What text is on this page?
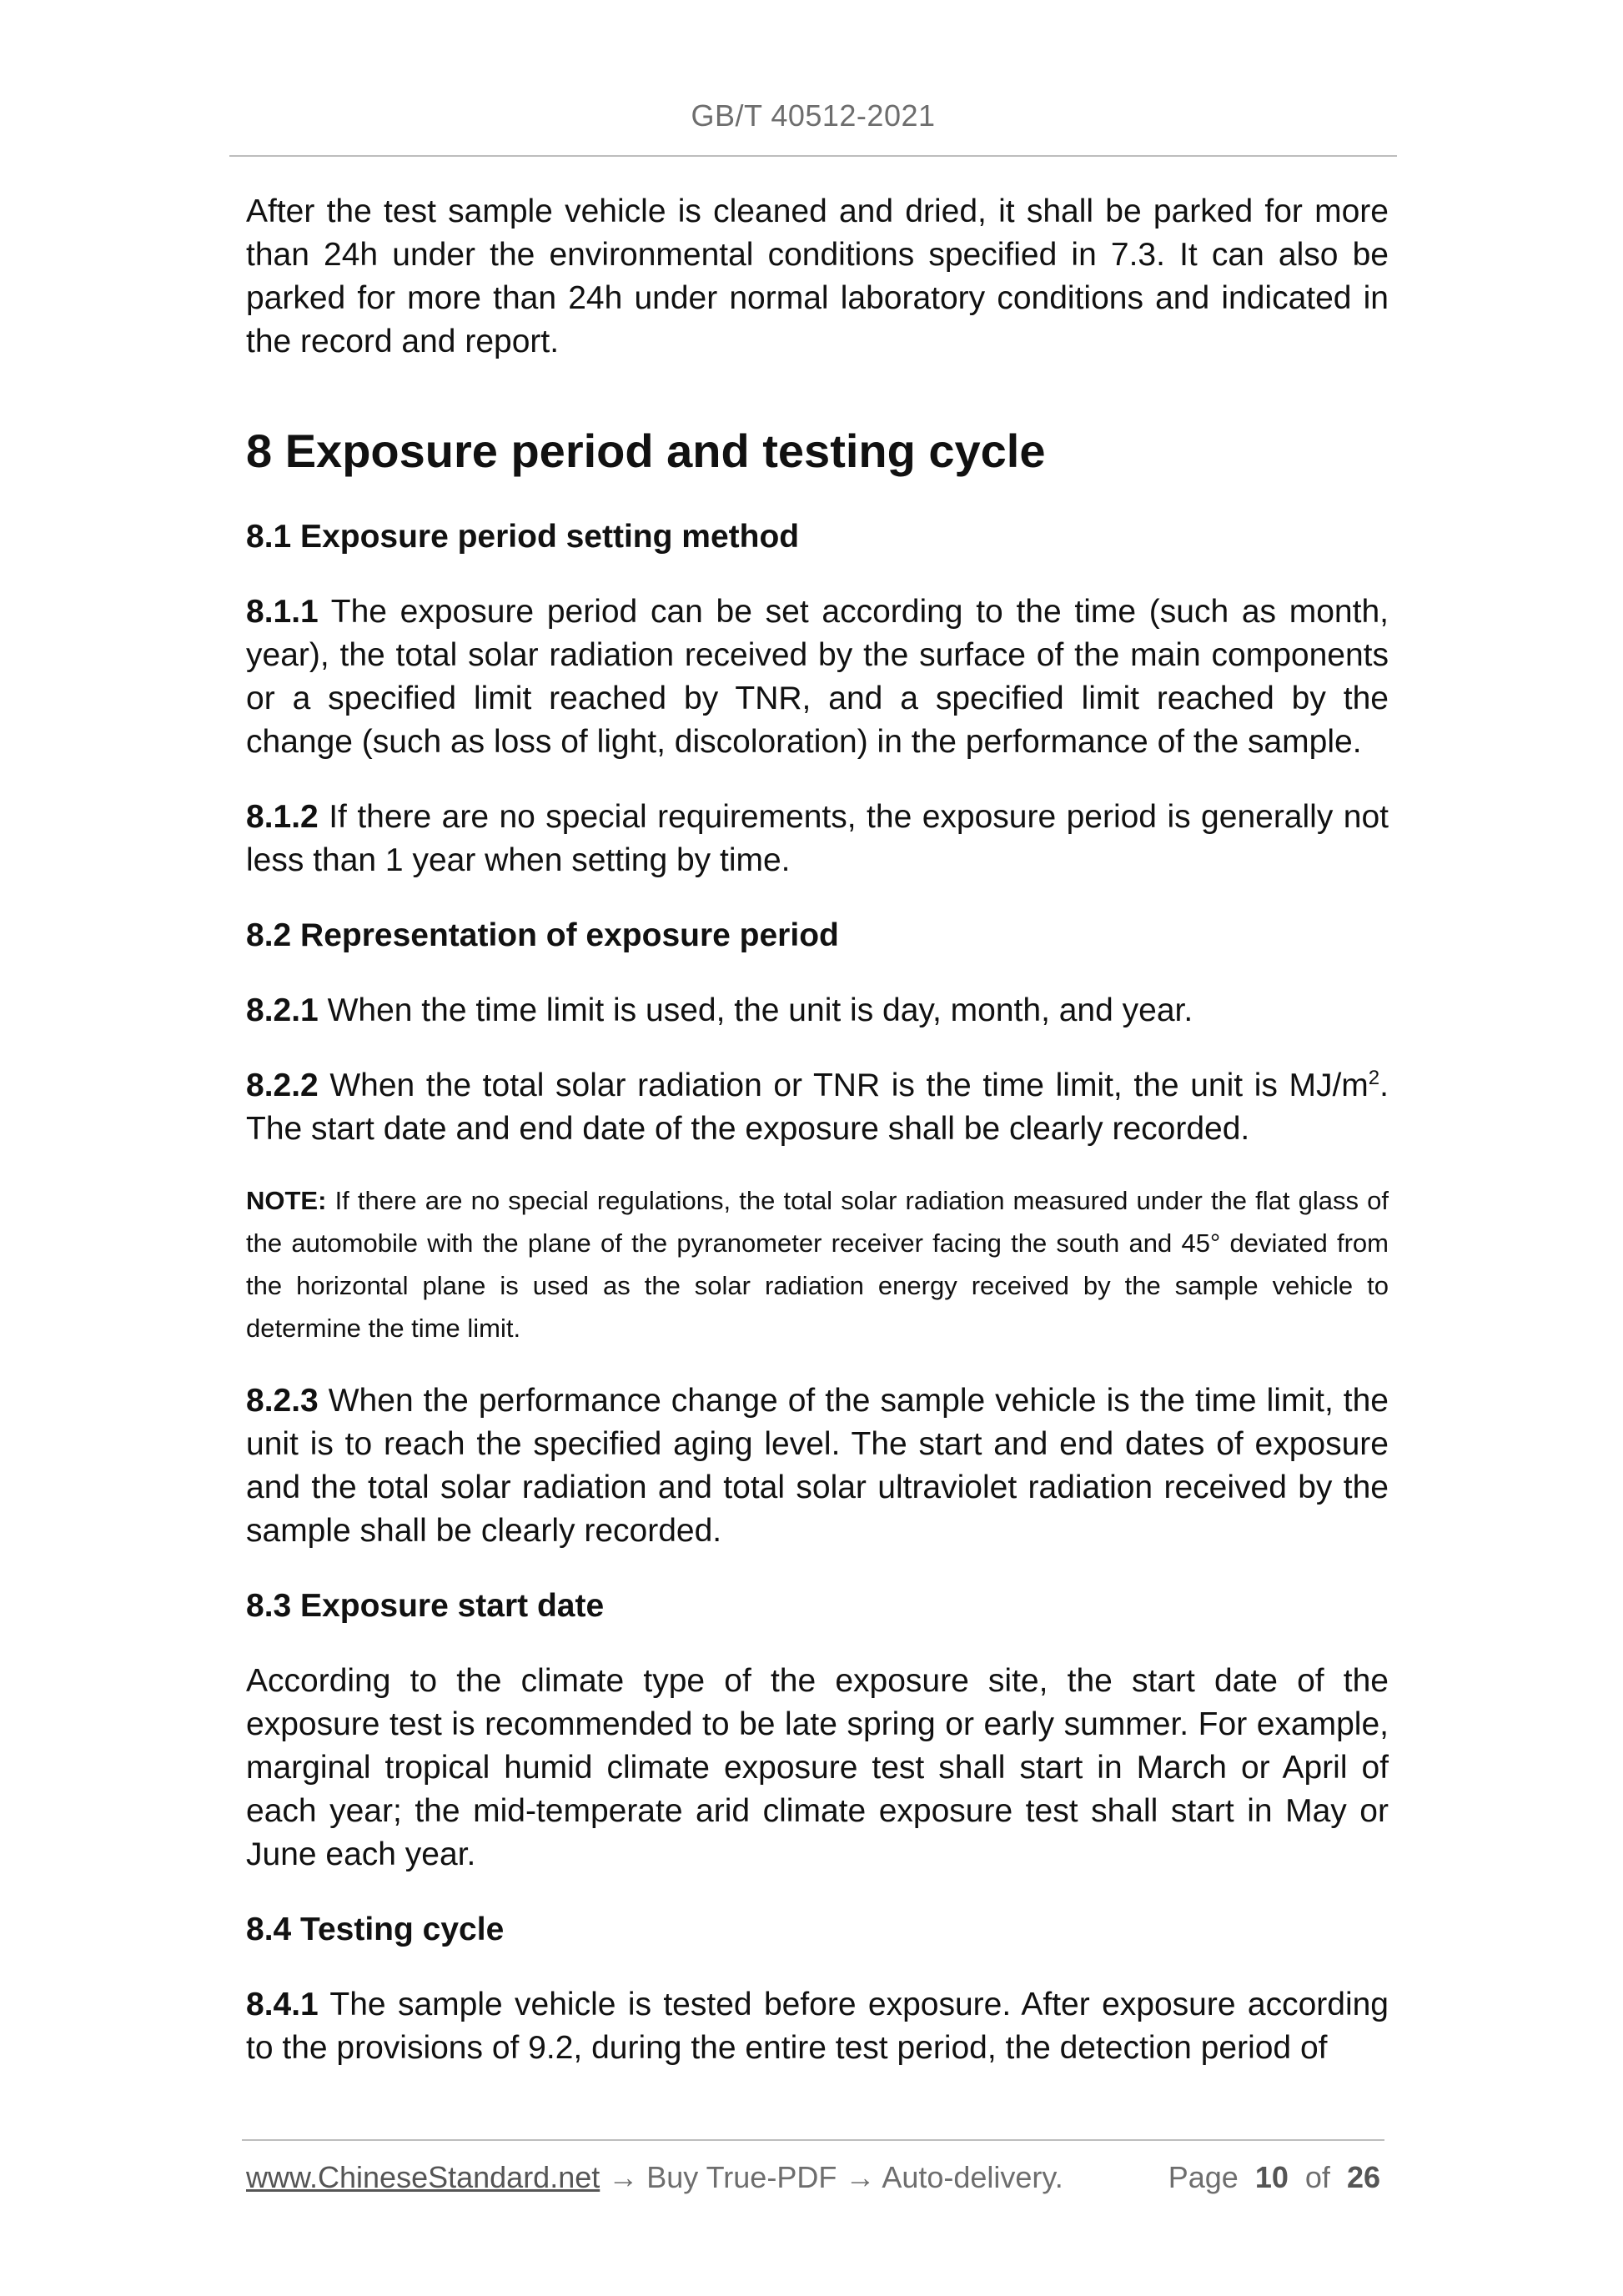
GB/T 40512-2021

After the test sample vehicle is cleaned and dried, it shall be parked for more than 24h under the environmental conditions specified in 7.3. It can also be parked for more than 24h under normal laboratory conditions and indicated in the record and report.

8 Exposure period and testing cycle

8.1 Exposure period setting method

8.1.1 The exposure period can be set according to the time (such as month, year), the total solar radiation received by the surface of the main components or a specified limit reached by TNR, and a specified limit reached by the change (such as loss of light, discoloration) in the performance of the sample.

8.1.2 If there are no special requirements, the exposure period is generally not less than 1 year when setting by time.

8.2 Representation of exposure period

8.2.1 When the time limit is used, the unit is day, month, and year.

8.2.2 When the total solar radiation or TNR is the time limit, the unit is $MJ/m^2$. The start date and end date of the exposure shall be clearly recorded.

NOTE: If there are no special regulations, the total solar radiation measured under the flat glass of the automobile with the plane of the pyranometer receiver facing the south and 45° deviated from the horizontal plane is used as the solar radiation energy received by the sample vehicle to determine the time limit.

8.2.3 When the performance change of the sample vehicle is the time limit, the unit is to reach the specified aging level. The start and end dates of exposure and the total solar radiation and total solar ultraviolet radiation received by the sample shall be clearly recorded.

8.3 Exposure start date

According to the climate type of the exposure site, the start date of the exposure test is recommended to be late spring or early summer. For example, marginal tropical humid climate exposure test shall start in March or April of each year; the mid-temperate arid climate exposure test shall start in May or June each year.

8.4 Testing cycle

8.4.1 The sample vehicle is tested before exposure. After exposure according to the provisions of 9.2, during the entire test period, the detection period of

www.ChineseStandard.net → Buy True-PDF → Auto-delivery.	Page 10 of 26
